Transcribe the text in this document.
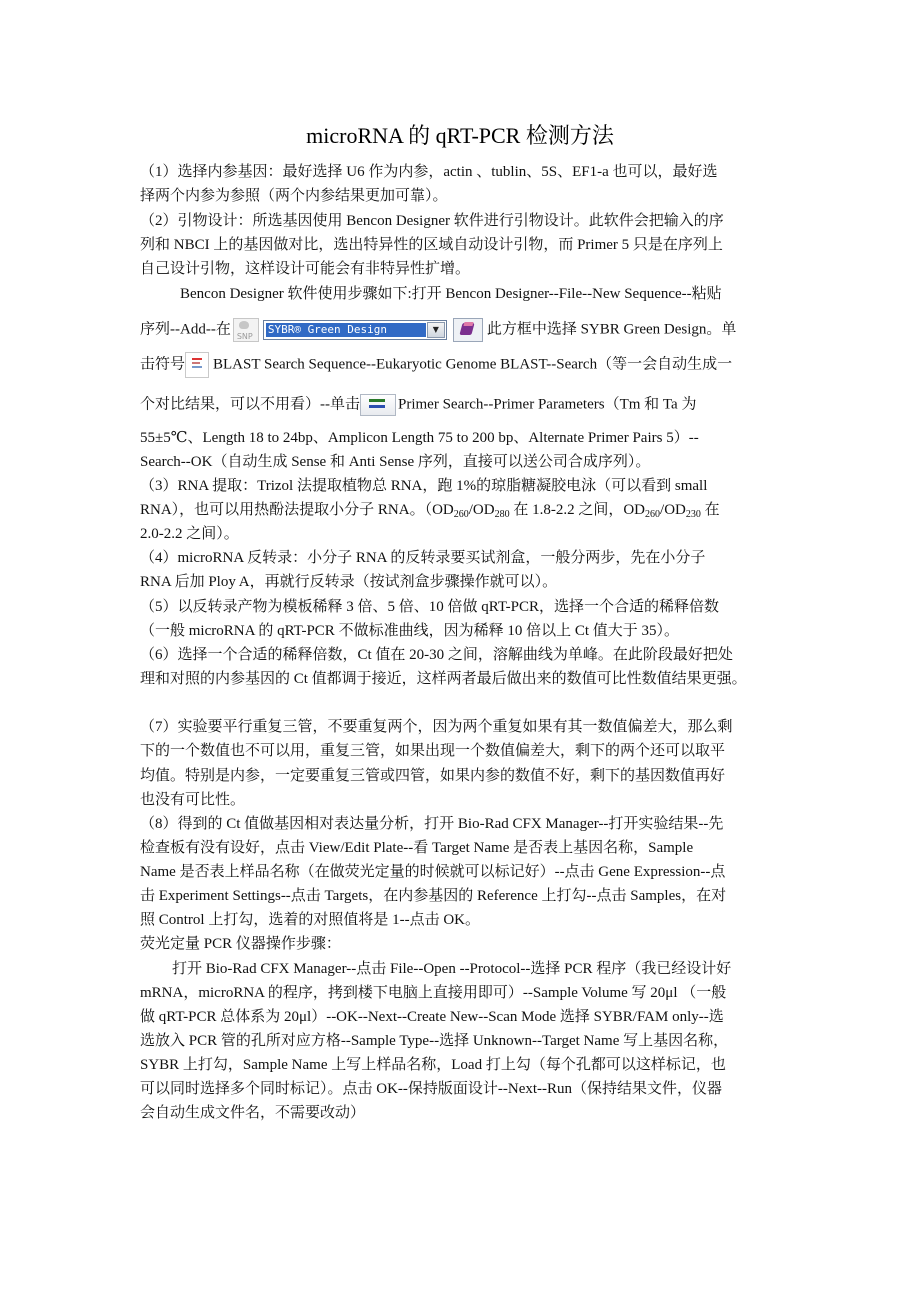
microRNA 的 qRT-PCR 检测方法
（1）选择内参基因：最好选择 U6 作为内参，actin 、tublin、5S、EF1-a 也可以，最好选
择两个内参为参照（两个内参结果更加可靠）。
（2）引物设计：所选基因使用 Bencon Designer 软件进行引物设计。此软件会把输入的序
列和 NBCI 上的基因做对比，选出特异性的区域自动设计引物，而 Primer 5 只是在序列上
自己设计引物，这样设计可能会有非特异性扩增。
Bencon Designer 软件使用步骤如下:打开 Bencon Designer--File--New Sequence--粘贴
序列--Add--在 SNP
SYBR® Green Design	▼	此方框中选择 SYBR Green Design。单
击符号 BLAST Search Sequence--Eukaryotic Genome BLAST--Search（等一会自动生成一
个对比结果，可以不用看）--单击	Primer Search--Primer Parameters（Tm 和 Ta 为
55±5℃、Length 18 to 24bp、Amplicon Length 75 to 200 bp、Alternate Primer Pairs 5）--
Search--OK（自动生成 Sense 和 Anti Sense 序列，直接可以送公司合成序列）。
（3）RNA 提取：Trizol 法提取植物总 RNA，跑 1%的琼脂糖凝胶电泳（可以看到 small
RNA），也可以用热酚法提取小分子 RNA。（$OD_{260}/OD_{280}$ 在 1.8-2.2 之间，$OD_{260}/OD_{230}$ 在
2.0-2.2 之间）。
（4）microRNA 反转录：小分子 RNA 的反转录要买试剂盒，一般分两步，先在小分子
RNA 后加 Ploy A，再就行反转录（按试剂盒步骤操作就可以）。
（5）以反转录产物为模板稀释 3 倍、5 倍、10 倍做 qRT-PCR，选择一个合适的稀释倍数
（一般 microRNA 的 qRT-PCR 不做标准曲线，因为稀释 10 倍以上 Ct 值大于 35）。
（6）选择一个合适的稀释倍数，Ct 值在 20-30 之间，溶解曲线为单峰。在此阶段最好把处
理和对照的内参基因的 Ct 值都调于接近，这样两者最后做出来的数值可比性数值结果更强。
（7）实验要平行重复三管，不要重复两个，因为两个重复如果有其一数值偏差大，那么剩
下的一个数值也不可以用，重复三管，如果出现一个数值偏差大，剩下的两个还可以取平
均值。特别是内参，一定要重复三管或四管，如果内参的数值不好，剩下的基因数值再好
也没有可比性。
（8）得到的 Ct 值做基因相对表达量分析，打开 Bio-Rad CFX Manager--打开实验结果--先
检查板有没有设好，点击 View/Edit Plate--看 Target Name 是否表上基因名称，Sample
Name 是否表上样品名称（在做荧光定量的时候就可以标记好）--点击 Gene Expression--点
击 Experiment Settings--点击 Targets，在内参基因的 Reference 上打勾--点击 Samples，在对
照 Control 上打勾，选着的对照值将是 1--点击 OK。
荧光定量 PCR 仪器操作步骤：
打开 Bio-Rad CFX Manager--点击 File--Open --Protocol--选择 PCR 程序（我已经设计好
mRNA，microRNA 的程序，拷到楼下电脑上直接用即可）--Sample Volume 写 20μl （一般
做 qRT-PCR 总体系为 20μl）--OK--Next--Create New--Scan Mode 选择 SYBR/FAM only--选
选放入 PCR 管的孔所对应方格--Sample Type--选择 Unknown--Target Name 写上基因名称，
SYBR 上打勾，Sample Name 上写上样品名称，Load 打上勾（每个孔都可以这样标记，也
可以同时选择多个同时标记）。点击 OK--保持版面设计--Next--Run（保持结果文件，仪器
会自动生成文件名，不需要改动）
